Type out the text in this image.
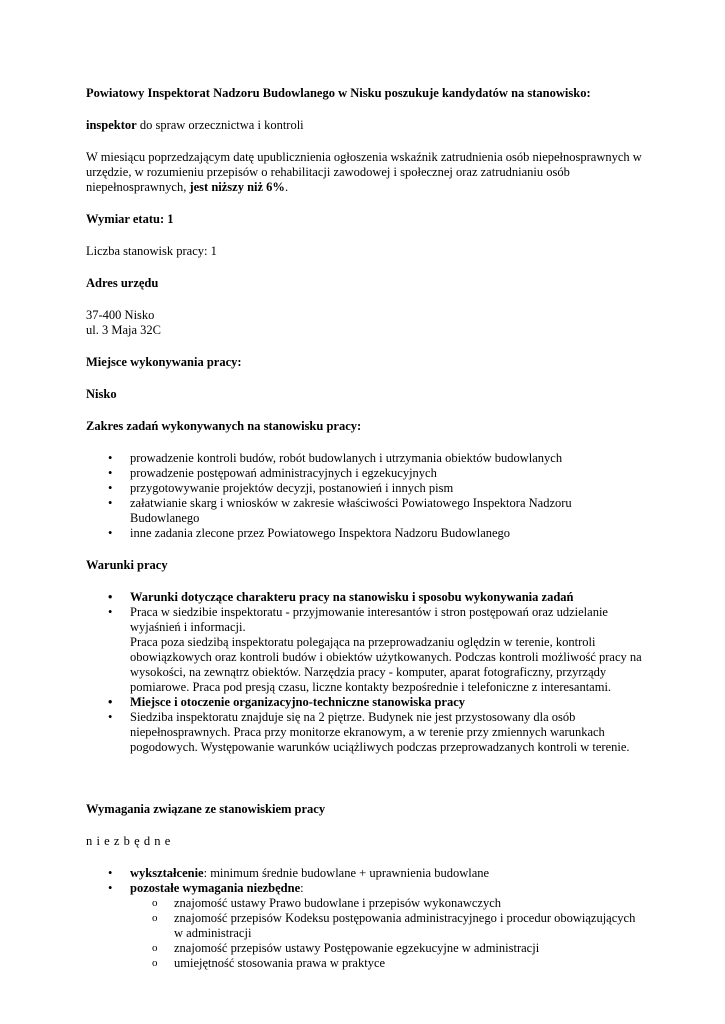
Powiatowy Inspektorat Nadzoru Budowlanego w Nisku poszukuje kandydatów na stanowisko:

inspektor do spraw orzecznictwa i kontroli

W miesiącu poprzedzającym datę upublicznienia ogłoszenia wskaźnik zatrudnienia osób niepełnosprawnych w urzędzie, w rozumieniu przepisów o rehabilitacji zawodowej i społecznej oraz zatrudnianiu osób niepełnosprawnych, jest niższy niż 6%.

Wymiar etatu: 1

Liczba stanowisk pracy: 1

Adres urzędu

37-400 Nisko

ul. 3 Maja 32C

Miejsce wykonywania pracy:

Nisko

Zakres zadań wykonywanych na stanowisku pracy:

• prowadzenie kontroli budów, robót budowlanych i utrzymania obiektów budowlanych
• prowadzenie postępowań administracyjnych i egzekucyjnych
• przygotowywanie projektów decyzji, postanowień i innych pism
• załatwianie skarg i wniosków w zakresie właściwości Powiatowego Inspektora Nadzoru Budowlanego
• inne zadania zlecone przez Powiatowego Inspektora Nadzoru Budowlanego

Warunki pracy

• Warunki dotyczące charakteru pracy na stanowisku i sposobu wykonywania zadań
• Praca w siedzibie inspektoratu - przyjmowanie interesantów i stron postępowań oraz udzielanie wyjaśnień i informacji.
Praca poza siedzibą inspektoratu polegająca na przeprowadzaniu oględzin w terenie, kontroli obowiązkowych oraz kontroli budów i obiektów użytkowanych. Podczas kontroli możliwość pracy na wysokości, na zewnątrz obiektów. Narzędzia pracy - komputer, aparat fotograficzny, przyrządy pomiarowe. Praca pod presją czasu, liczne kontakty bezpośrednie i telefoniczne z interesantami.
• Miejsce i otoczenie organizacyjno-techniczne stanowiska pracy
• Siedziba inspektoratu znajduje się na 2 piętrze. Budynek nie jest przystosowany dla osób niepełnosprawnych. Praca przy monitorze ekranowym, a w terenie przy zmiennych warunkach pogodowych. Występowanie warunków uciążliwych podczas przeprowadzanych kontroli w terenie.

Wymagania związane ze stanowiskiem pracy

niezbędne

• wykształcenie: minimum średnie budowlane + uprawnienia budowlane
• pozostałe wymagania niezbędne:
o znajomość ustawy Prawo budowlane i przepisów wykonawczych
o znajomość przepisów Kodeksu postępowania administracyjnego i procedur obowiązujących w administracji
o znajomość przepisów ustawy Postępowanie egzekucyjne w administracji
o umiejętność stosowania prawa w praktyce
